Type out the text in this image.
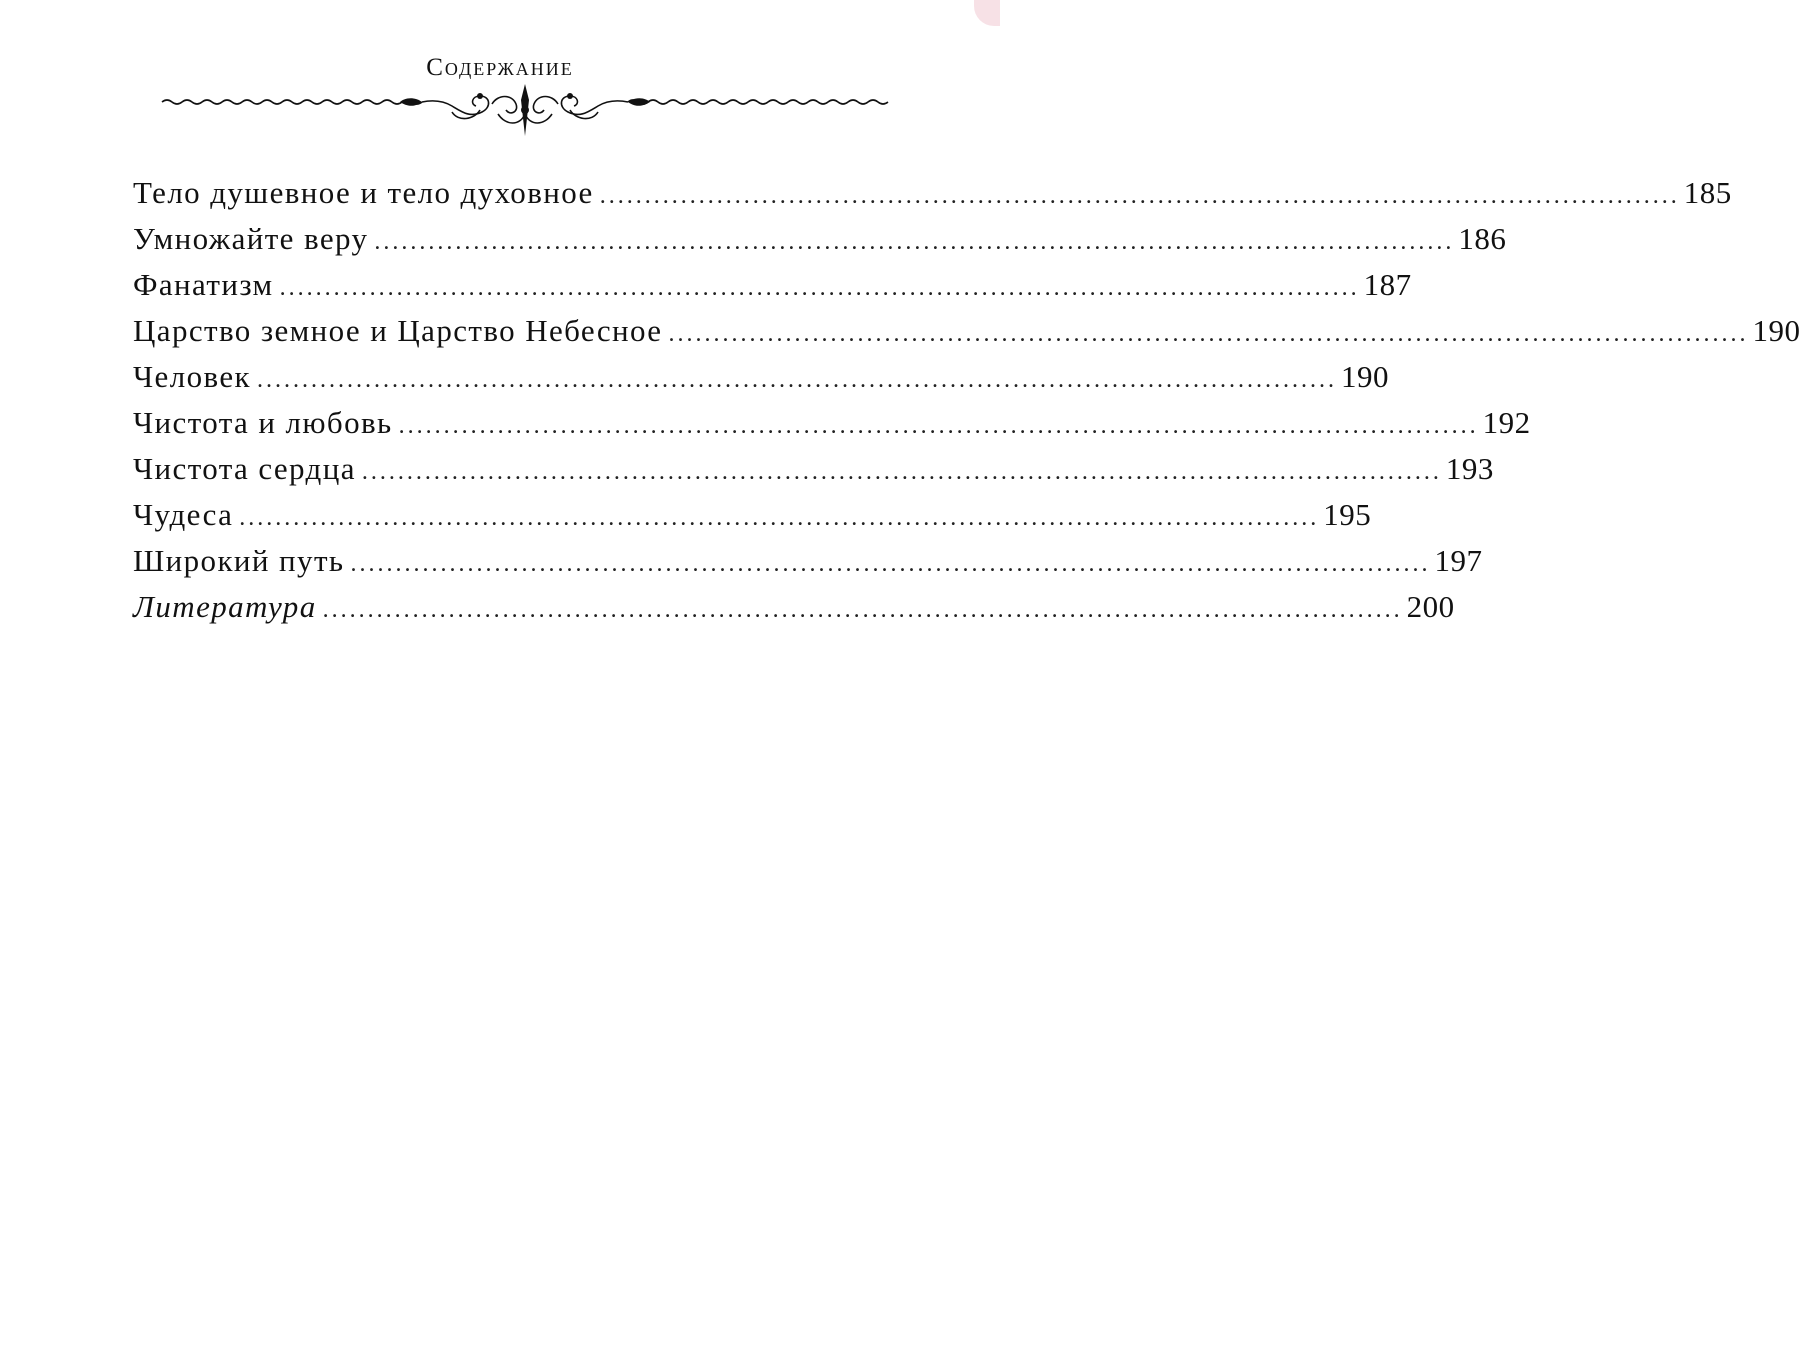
Содержание
Тело душевное и тело духовное ........................................................................................................................ 185
Умножайте веру ........................................................................................................................ 186
Фанатизм ........................................................................................................................ 187
Царство земное и Царство Небесное ........................................................................................................................ 190
Человек ........................................................................................................................ 190
Чистота и любовь ........................................................................................................................ 192
Чистота сердца ........................................................................................................................ 193
Чудеса ........................................................................................................................ 195
Широкий путь ........................................................................................................................ 197
Литература ........................................................................................................................ 200
